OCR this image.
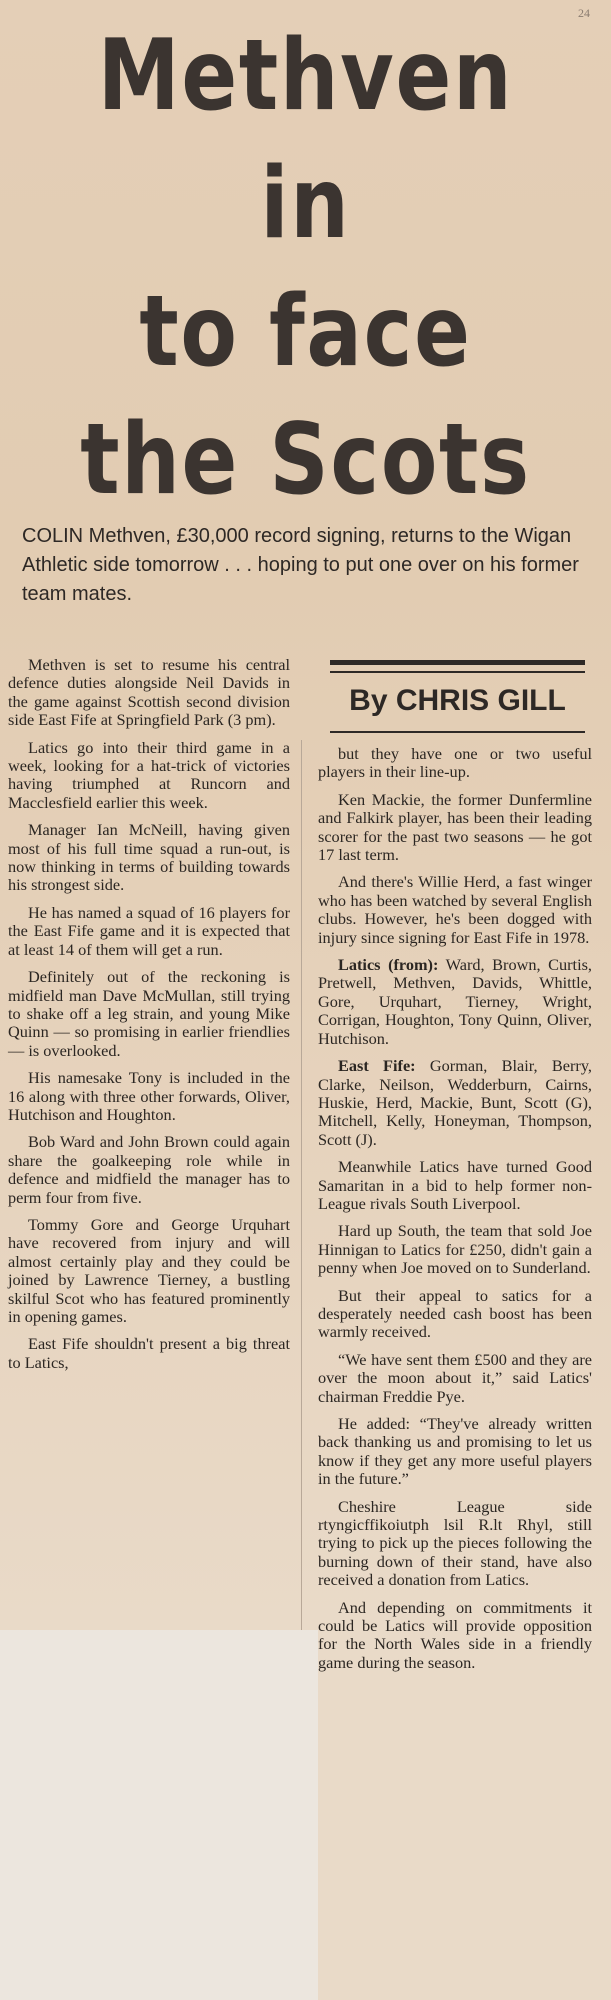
24
Methven in
to face
the Scots

COLIN Methven, £30,000 record signing, returns to the Wigan Athletic side tomorrow . . . hoping to put one over on his former team mates.

By CHRIS GILL

Methven is set to resume his central defence duties alongside Neil Davids in the game against Scottish second division side East Fife at Springfield Park (3 pm).

Latics go into their third game in a week, looking for a hat-trick of victories having triumphed at Runcorn and Macclesfield earlier this week.

Manager Ian McNeill, having given most of his full time squad a run-out, is now thinking in terms of building towards his strongest side.

He has named a squad of 16 players for the East Fife game and it is expected that at least 14 of them will get a run.

Definitely out of the reckoning is midfield man Dave McMullan, still trying to shake off a leg strain, and young Mike Quinn — so promising in earlier friendlies — is overlooked.

His namesake Tony is included in the 16 along with three other forwards, Oliver, Hutchison and Houghton.

Bob Ward and John Brown could again share the goalkeeping role while in defence and midfield the manager has to perm four from five.

Tommy Gore and George Urquhart have recovered from injury and will almost certainly play and they could be joined by Lawrence Tierney, a bustling skilful Scot who has featured prominently in opening games.

East Fife shouldn't present a big threat to Latics,

but they have one or two useful players in their line-up.

Ken Mackie, the former Dunfermline and Falkirk player, has been their leading scorer for the past two seasons — he got 17 last term.

And there's Willie Herd, a fast winger who has been watched by several English clubs. However, he's been dogged with injury since signing for East Fife in 1978.

Latics (from): Ward, Brown, Curtis, Pretwell, Methven, Davids, Whittle, Gore, Urquhart, Tierney, Wright, Corrigan, Houghton, Tony Quinn, Oliver, Hutchison.

East Fife: Gorman, Blair, Berry, Clarke, Neilson, Wedderburn, Cairns, Huskie, Herd, Mackie, Bunt, Scott (G), Mitchell, Kelly, Honeyman, Thompson, Scott (J).

Meanwhile Latics have turned Good Samaritan in a bid to help former non-League rivals South Liverpool.

Hard up South, the team that sold Joe Hinnigan to Latics for £250, didn't gain a penny when Joe moved on to Sunderland.

But their appeal to satics for a desperately needed cash boost has been warmly received.

“We have sent them £500 and they are over the moon about it,” said Latics' chairman Freddie Pye.

He added: “They've already written back thanking us and promising to let us know if they get any more useful players in the future.”

Cheshire League side rtyngicffikoiutph lsil R.lt Rhyl, still trying to pick up the pieces following the burning down of their stand, have also received a donation from Latics.

And depending on commitments it could be Latics will provide opposition for the North Wales side in a friendly game during the season.
